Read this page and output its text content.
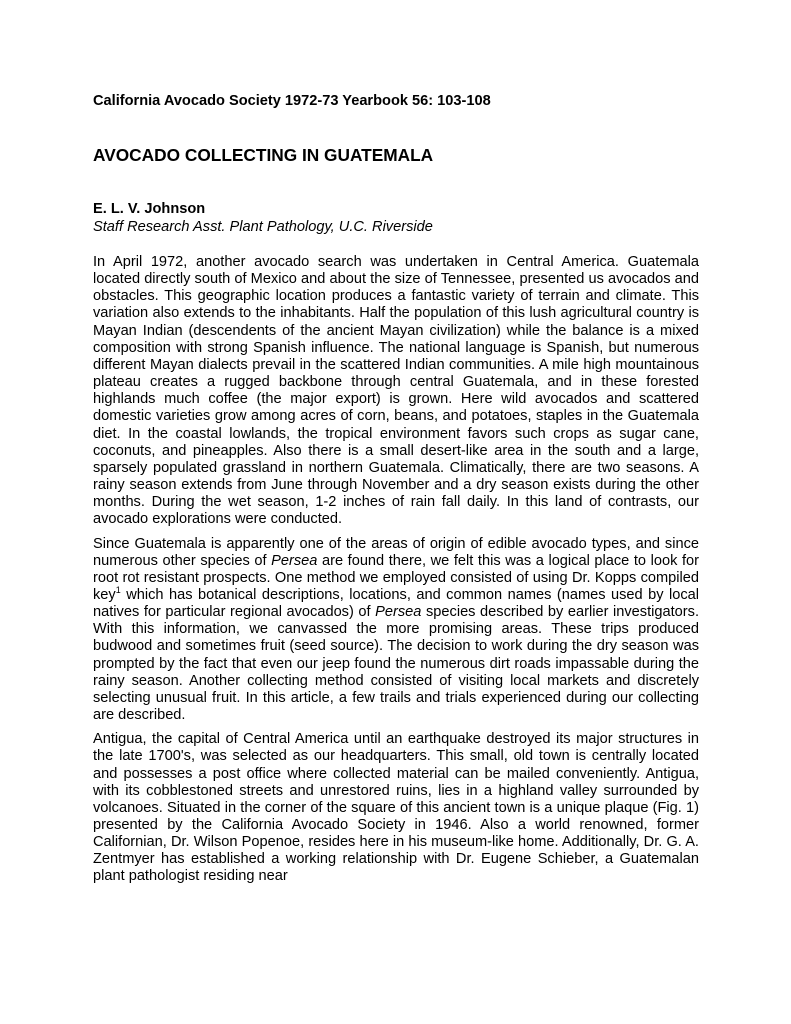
California Avocado Society 1972-73 Yearbook 56: 103-108
AVOCADO COLLECTING IN GUATEMALA
E. L. V. Johnson
Staff Research Asst. Plant Pathology, U.C. Riverside

In April 1972, another avocado search was undertaken in Central America. Guatemala located directly south of Mexico and about the size of Tennessee, presented us avocados and obstacles. This geographic location produces a fantastic variety of terrain and climate. This variation also extends to the inhabitants. Half the population of this lush agricultural country is Mayan Indian (descendents of the ancient Mayan civilization) while the balance is a mixed composition with strong Spanish influence. The national language is Spanish, but numerous different Mayan dialects prevail in the scattered Indian communities. A mile high mountainous plateau creates a rugged backbone through central Guatemala, and in these forested highlands much coffee (the major export) is grown. Here wild avocados and scattered domestic varieties grow among acres of corn, beans, and potatoes, staples in the Guatemala diet. In the coastal lowlands, the tropical environment favors such crops as sugar cane, coconuts, and pineapples. Also there is a small desert-like area in the south and a large, sparsely populated grassland in northern Guatemala. Climatically, there are two seasons. A rainy season extends from June through November and a dry season exists during the other months. During the wet season, 1-2 inches of rain fall daily. In this land of contrasts, our avocado explorations were conducted.

Since Guatemala is apparently one of the areas of origin of edible avocado types, and since numerous other species of Persea are found there, we felt this was a logical place to look for root rot resistant prospects. One method we employed consisted of using Dr. Kopps compiled key$^1$ which has botanical descriptions, locations, and common names (names used by local natives for particular regional avocados) of Persea species described by earlier investigators. With this information, we canvassed the more promising areas. These trips produced budwood and sometimes fruit (seed source). The decision to work during the dry season was prompted by the fact that even our jeep found the numerous dirt roads impassable during the rainy season. Another collecting method consisted of visiting local markets and discretely selecting unusual fruit. In this article, a few trails and trials experienced during our collecting are described.

Antigua, the capital of Central America until an earthquake destroyed its major structures in the late 1700's, was selected as our headquarters. This small, old town is centrally located and possesses a post office where collected material can be mailed conveniently. Antigua, with its cobblestoned streets and unrestored ruins, lies in a highland valley surrounded by volcanoes. Situated in the corner of the square of this ancient town is a unique plaque (Fig. 1) presented by the California Avocado Society in 1946. Also a world renowned, former Californian, Dr. Wilson Popenoe, resides here in his museum-like home. Additionally, Dr. G. A. Zentmyer has established a working relationship with Dr. Eugene Schieber, a Guatemalan plant pathologist residing near
